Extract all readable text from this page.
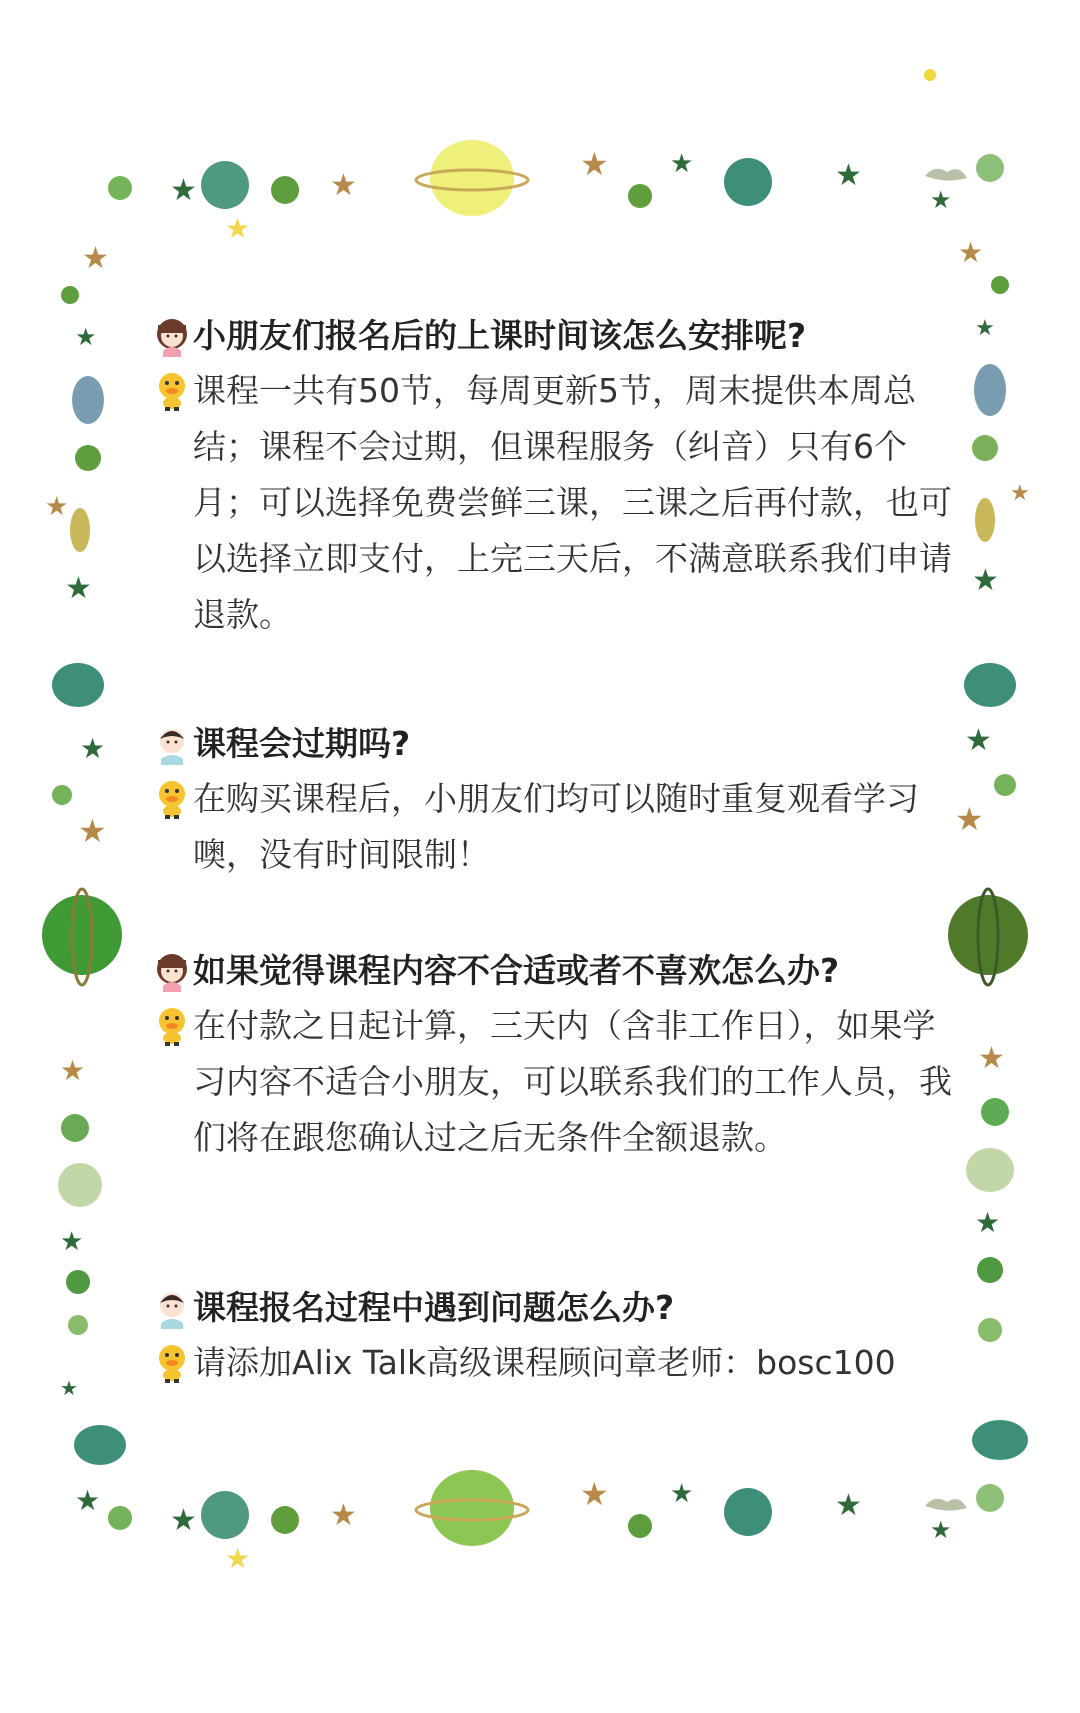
★	★
★ ★	★
★
★
★
★	★
★ ★	★
★
★
★
★
★
★
★
★
★
★
★
★
★
★
★
★
★
★
★
小朋友们报名后的上课时间该怎么安排呢?
课程一共有50节，每周更新5节，周末提供本周总结；课程不会过期，但课程服务（纠音）只有6个月；可以选择免费尝鲜三课，三课之后再付款，也可以选择立即支付，上完三天后，不满意联系我们申请退款。
课程会过期吗?
在购买课程后，小朋友们均可以随时重复观看学习噢，没有时间限制！
如果觉得课程内容不合适或者不喜欢怎么办?
在付款之日起计算，三天内（含非工作日），如果学习内容不适合小朋友，可以联系我们的工作人员，我们将在跟您确认过之后无条件全额退款。
课程报名过程中遇到问题怎么办?
请添加Alix Talk高级课程顾问章老师：bosc100
